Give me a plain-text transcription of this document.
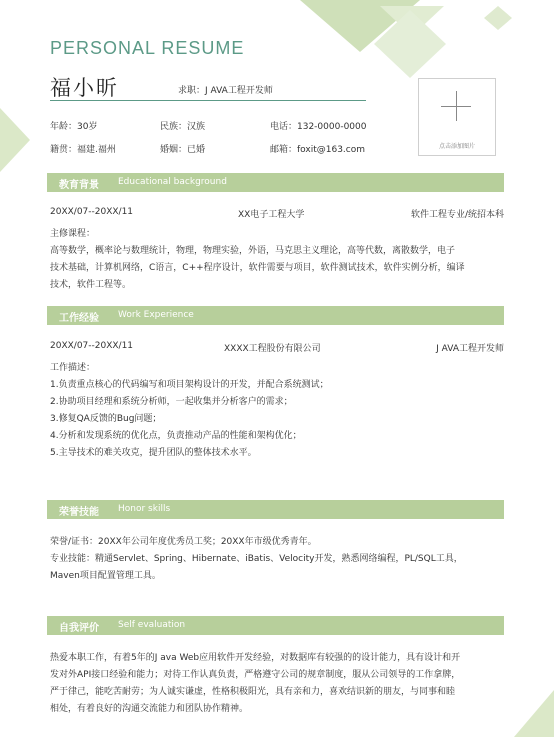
PERSONAL RESUME
福小昕	求职：J AVA工程开发师
年龄：30岁	民族：汉族	电话：132-0000-0000
籍贯：福建.福州	婚姻：已婚	邮箱：foxit@163.com	点击添加图片
教育背景 Educational background
20XX/07--20XX/11	XX电子工程大学	软件工程专业/统招本科
主修课程：
高等数学，概率论与数理统计，物理，物理实验，外语，马克思主义理论，高等代数，离散数学，电子
技术基础，计算机网络，C语言，C++程序设计，软件需要与项目，软件测试技术，软件实例分析，编译
技术，软件工程等。
工作经验 Work Experience
20XX/07--20XX/11	XXXX工程股份有限公司	J AVA工程开发师
工作描述：
1.负责重点核心的代码编写和项目架构设计的开发，并配合系统测试；
2.协助项目经理和系统分析师，一起收集并分析客户的需求；
3.修复QA反馈的Bug问题；
4.分析和发现系统的优化点，负责推动产品的性能和架构优化；
5.主导技术的难关攻克，提升团队的整体技术水平。
荣誉技能 Honor skills
荣誉/证书：20XX年公司年度优秀员工奖；20XX年市级优秀青年。
专业技能：精通Servlet、Spring、Hibernate、iBatis、Velocity开发，熟悉网络编程，PL/SQL工具，
Maven项目配置管理工具。
自我评价 Self evaluation
热爱本职工作，有着5年的J ava Web应用软件开发经验，对数据库有较强的的设计能力，具有设计和开
发对外API接口经验和能力；对待工作认真负责，严格遵守公司的规章制度，服从公司领导的工作拿牌，
严于律己，能吃苦耐劳；为人诚实谦虚，性格积极阳光，具有亲和力，喜欢结识新的朋友，与同事和睦
相处，有着良好的沟通交流能力和团队协作精神。
